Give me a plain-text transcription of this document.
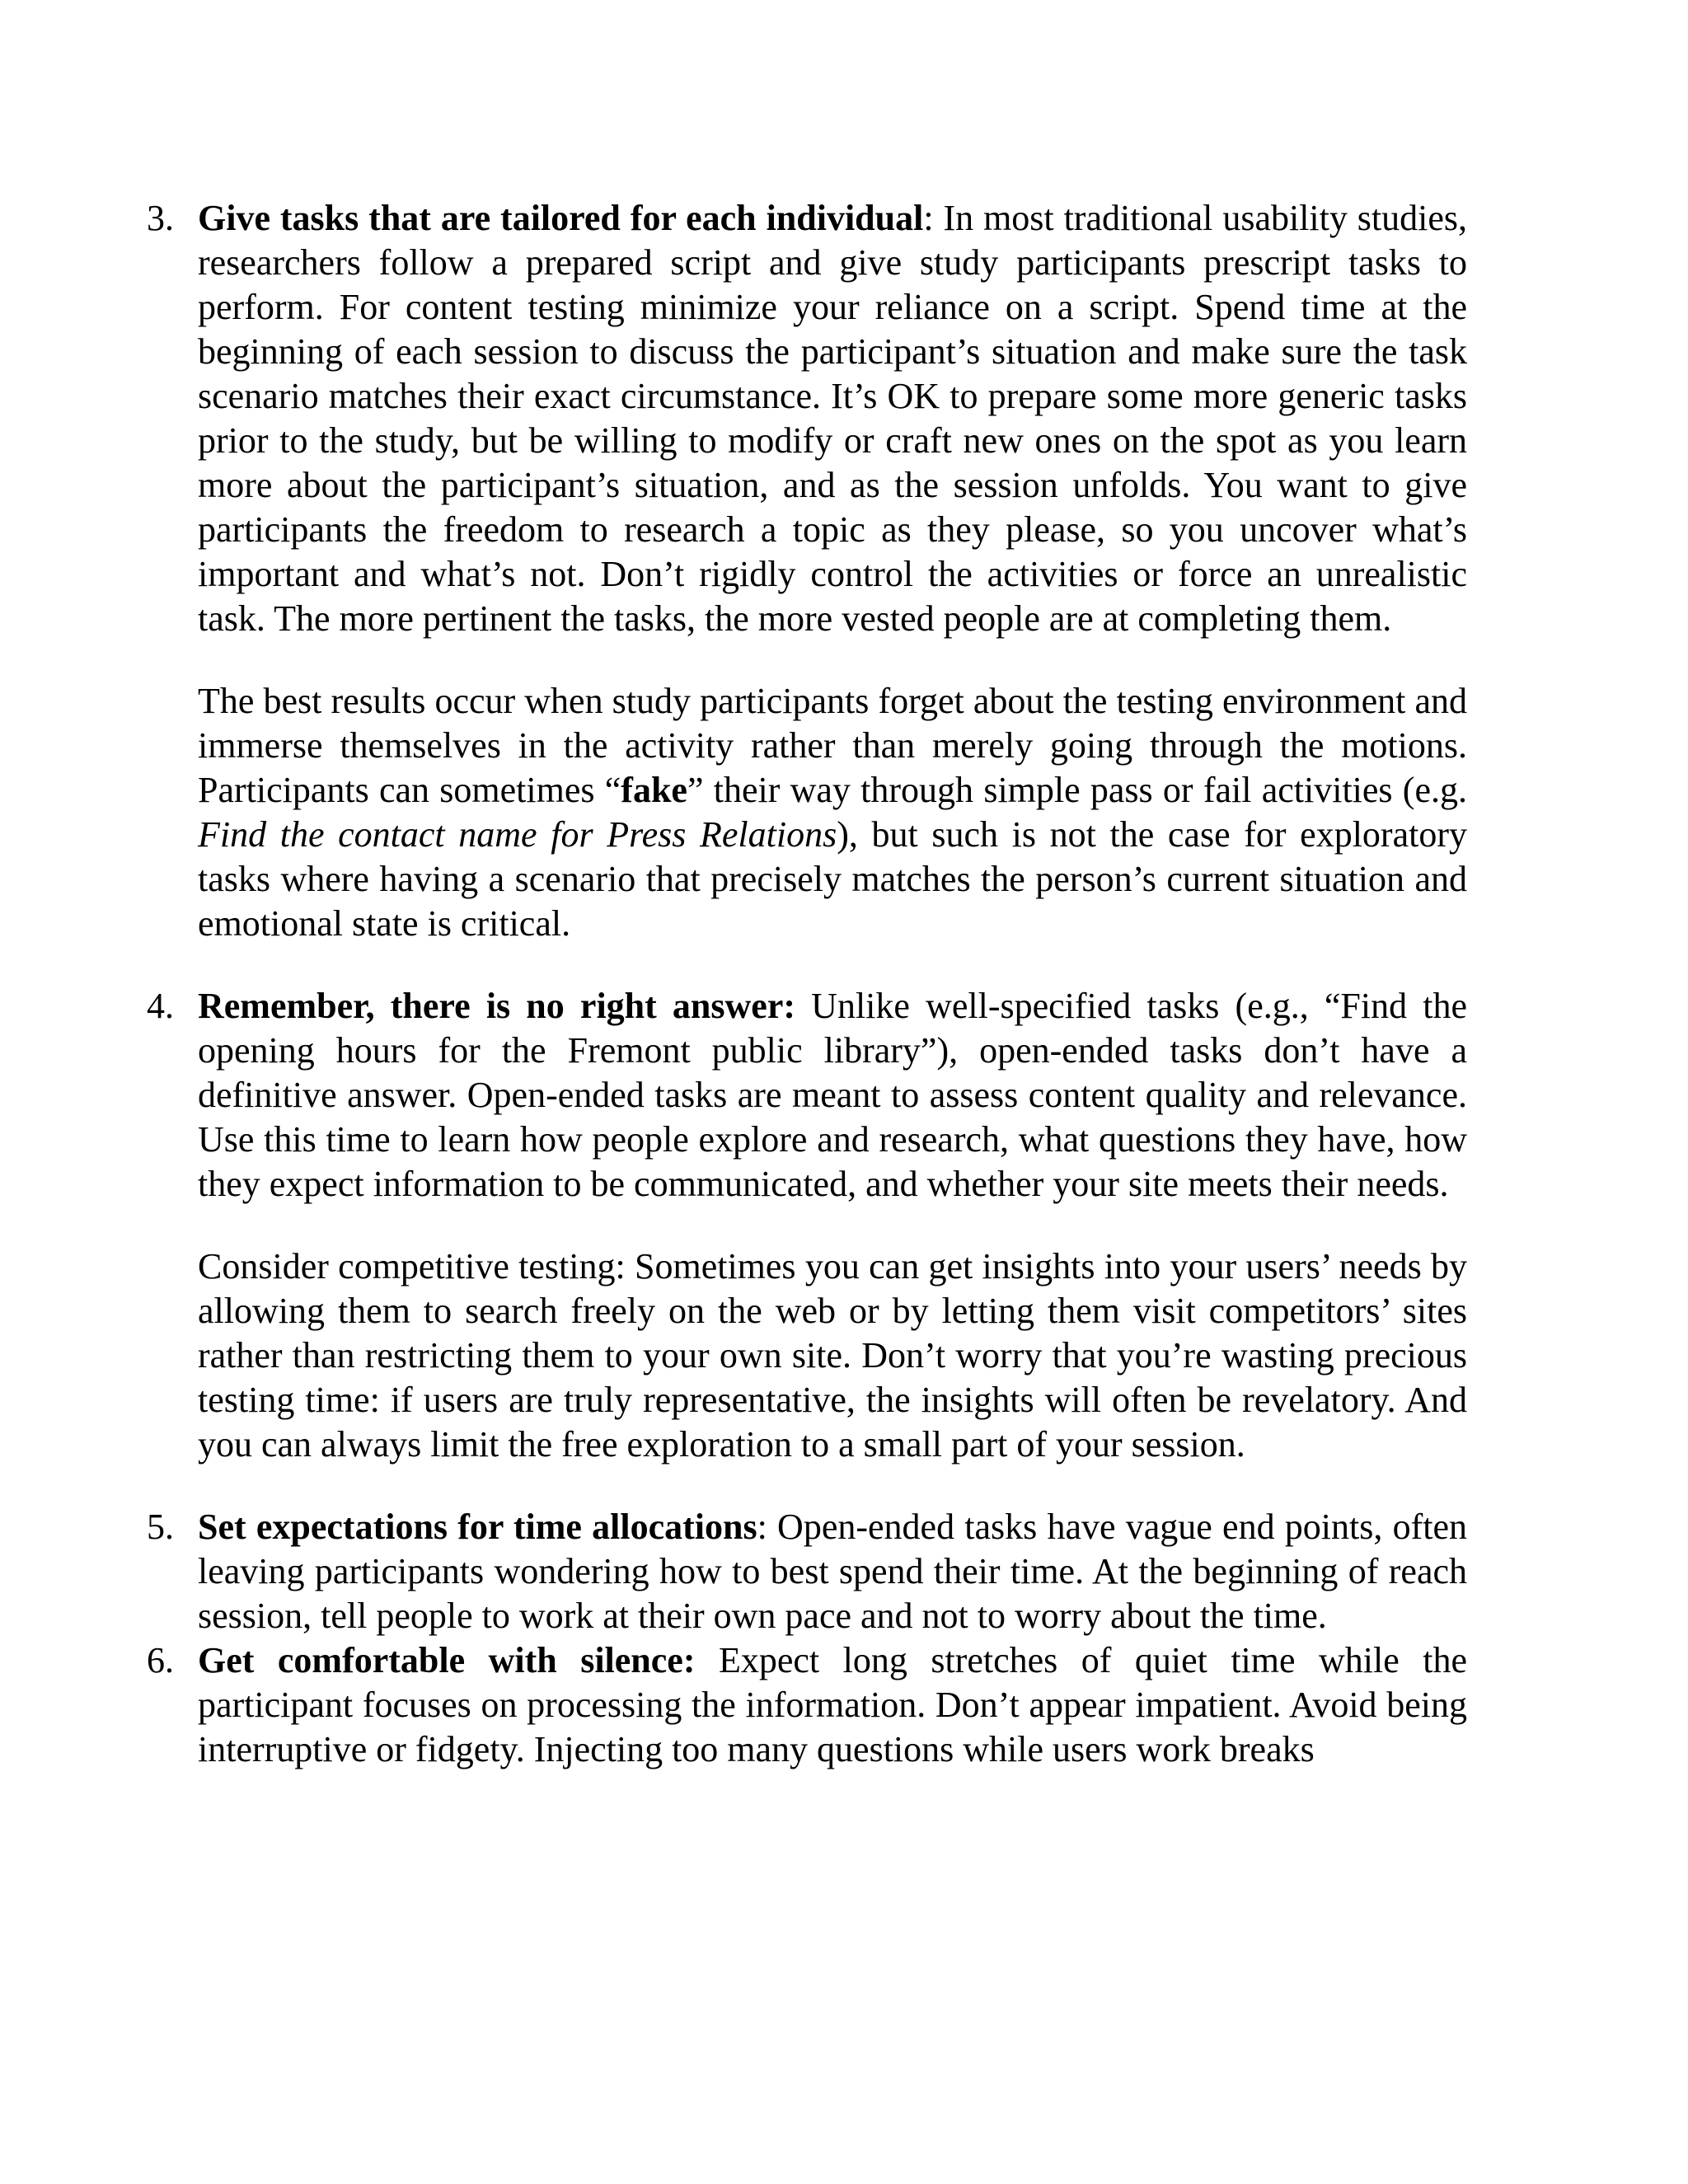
3. Give tasks that are tailored for each individual: In most traditional usability studies, researchers follow a prepared script and give study participants prescript tasks to perform. For content testing minimize your reliance on a script. Spend time at the beginning of each session to discuss the participant’s situation and make sure the task scenario matches their exact circumstance. It’s OK to prepare some more generic tasks prior to the study, but be willing to modify or craft new ones on the spot as you learn more about the participant’s situation, and as the session unfolds. You want to give participants the freedom to research a topic as they please, so you uncover what’s important and what’s not. Don’t rigidly control the activities or force an unrealistic task. The more pertinent the tasks, the more vested people are at completing them.

The best results occur when study participants forget about the testing environment and immerse themselves in the activity rather than merely going through the motions. Participants can sometimes “fake” their way through simple pass or fail activities (e.g. Find the contact name for Press Relations), but such is not the case for exploratory tasks where having a scenario that precisely matches the person’s current situation and emotional state is critical.

4. Remember, there is no right answer: Unlike well-specified tasks (e.g., “Find the opening hours for the Fremont public library”), open-ended tasks don’t have a definitive answer. Open-ended tasks are meant to assess content quality and relevance. Use this time to learn how people explore and research, what questions they have, how they expect information to be communicated, and whether your site meets their needs.

Consider competitive testing: Sometimes you can get insights into your users’ needs by allowing them to search freely on the web or by letting them visit competitors’ sites rather than restricting them to your own site. Don’t worry that you’re wasting precious testing time: if users are truly representative, the insights will often be revelatory. And you can always limit the free exploration to a small part of your session.

5. Set expectations for time allocations: Open-ended tasks have vague end points, often leaving participants wondering how to best spend their time. At the beginning of reach session, tell people to work at their own pace and not to worry about the time.

6. Get comfortable with silence: Expect long stretches of quiet time while the participant focuses on processing the information. Don’t appear impatient. Avoid being interruptive or fidgety. Injecting too many questions while users work breaks
